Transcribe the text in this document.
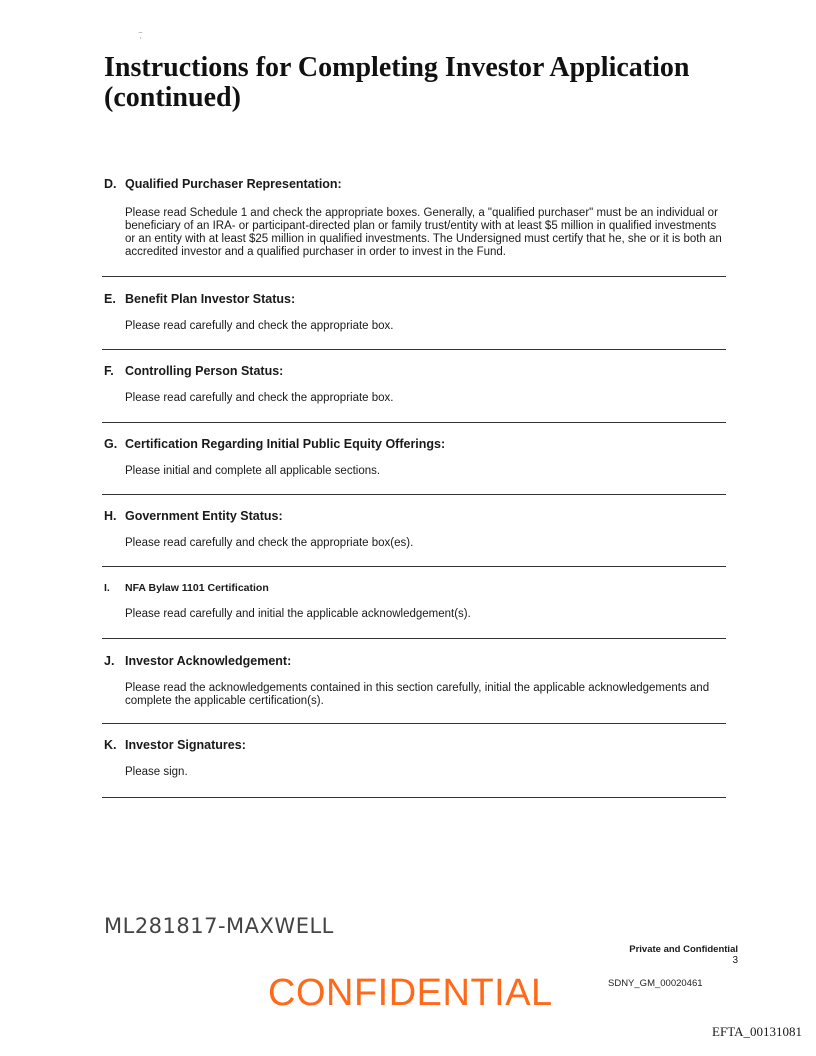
⁻̣
Instructions for Completing Investor Application
(continued)
D. Qualified Purchaser Representation:
Please read Schedule 1 and check the appropriate boxes. Generally, a "qualified purchaser" must be an individual or beneficiary of an IRA- or participant-directed plan or family trust/entity with at least $5 million in qualified investments or an entity with at least $25 million in qualified investments. The Undersigned must certify that he, she or it is both an accredited investor and a qualified purchaser in order to invest in the Fund.
E. Benefit Plan Investor Status:
Please read carefully and check the appropriate box.
F. Controlling Person Status:
Please read carefully and check the appropriate box.
G. Certification Regarding Initial Public Equity Offerings:
Please initial and complete all applicable sections.
H. Government Entity Status:
Please read carefully and check the appropriate box(es).
I.	NFA Bylaw 1101 Certification
Please read carefully and initial the applicable acknowledgement(s).
J. Investor Acknowledgement:
Please read the acknowledgements contained in this section carefully, initial the applicable acknowledgements and complete the applicable certification(s).
K. Investor Signatures:
Please sign.
ML281817-MAXWELL
Private and Confidential
3
SDNY_GM_00020461
CONFIDENTIAL
EFTA_00131081
